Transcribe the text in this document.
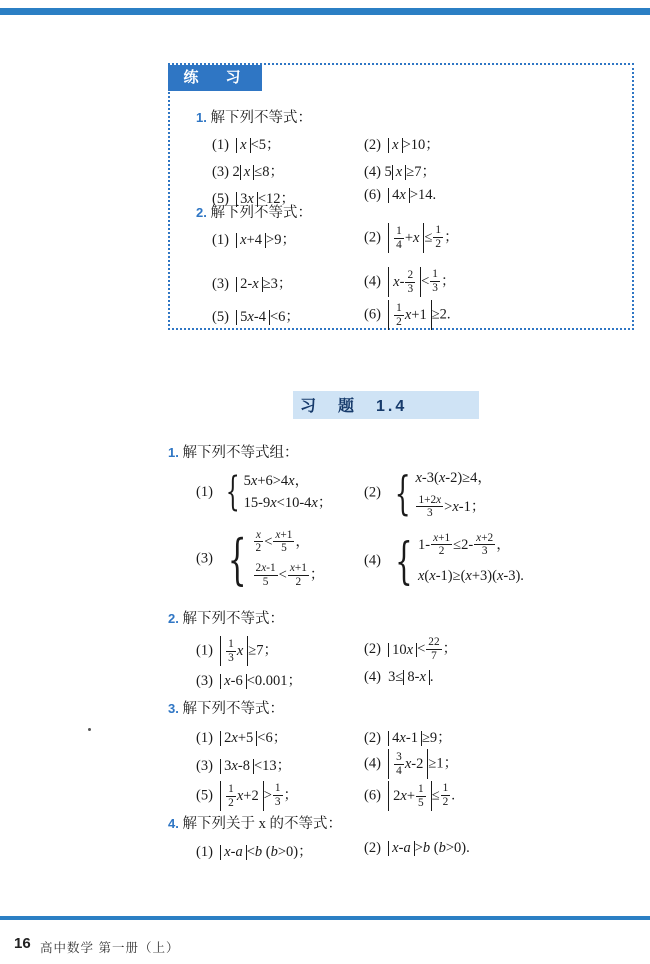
练　习
1. 解下列不等式：
(1) x <5；	(2) x >10；
(3) 2 x ≤8；	(4) 5 x ≥7；
(5) 3x <12；	(6) 4x >14.
2. 解下列不等式：
(1) x+4 >9；	$(2) \frac{1}{4} +x \le \frac{1}{2}$ ；
(3) 2-x ≥3；	(4) $x- \frac{2}{3} < \frac{1}{3}$ ；
(5) 5x-4 <6；	$(6) \frac{1}{2} x+1 \ge 2$.
习　题　1.4
1. 解下列不等式组：
(1) { 5x+6>4x，
15-9x<10-4x；
(2) { x-3(x-2)≥4，
$\frac{1+2x}{3} >x-1$；
(3) { $\frac{x}{2} < \frac{x+1}{5}$ ，
$\frac{2x-1}{5} < \frac{x+1}{2}$ ；
(4) { $1- \frac{x+1}{2} \le 2- \frac{x+2}{3}$ ，
x(x-1)≥(x+3)(x-3).
2. 解下列不等式：
$(1) \frac{1}{3}$ x ≥7；	(2) $10x < \frac{22}{7}$ ；
(3) x-6 <0.001；	(4)  3≤ 8-x .
3. 解下列不等式：
(1) 2x+5 <6；	(2) 4x-1 ≥9；
(3) 3x-8 <13；	$(4) \frac{3}{4} x-2 \ge 1$；
$(5) \frac{1}{2} x+2 > \frac{1}{3}$ ；	(6) $2x+ \frac{1}{5} \le \frac{1}{2}$ .
4. 解下列关于 x 的不等式：
(1) x-a <b (b>0)；	(2) x-a >b (b>0).
16 高中数学 第一册（上）
